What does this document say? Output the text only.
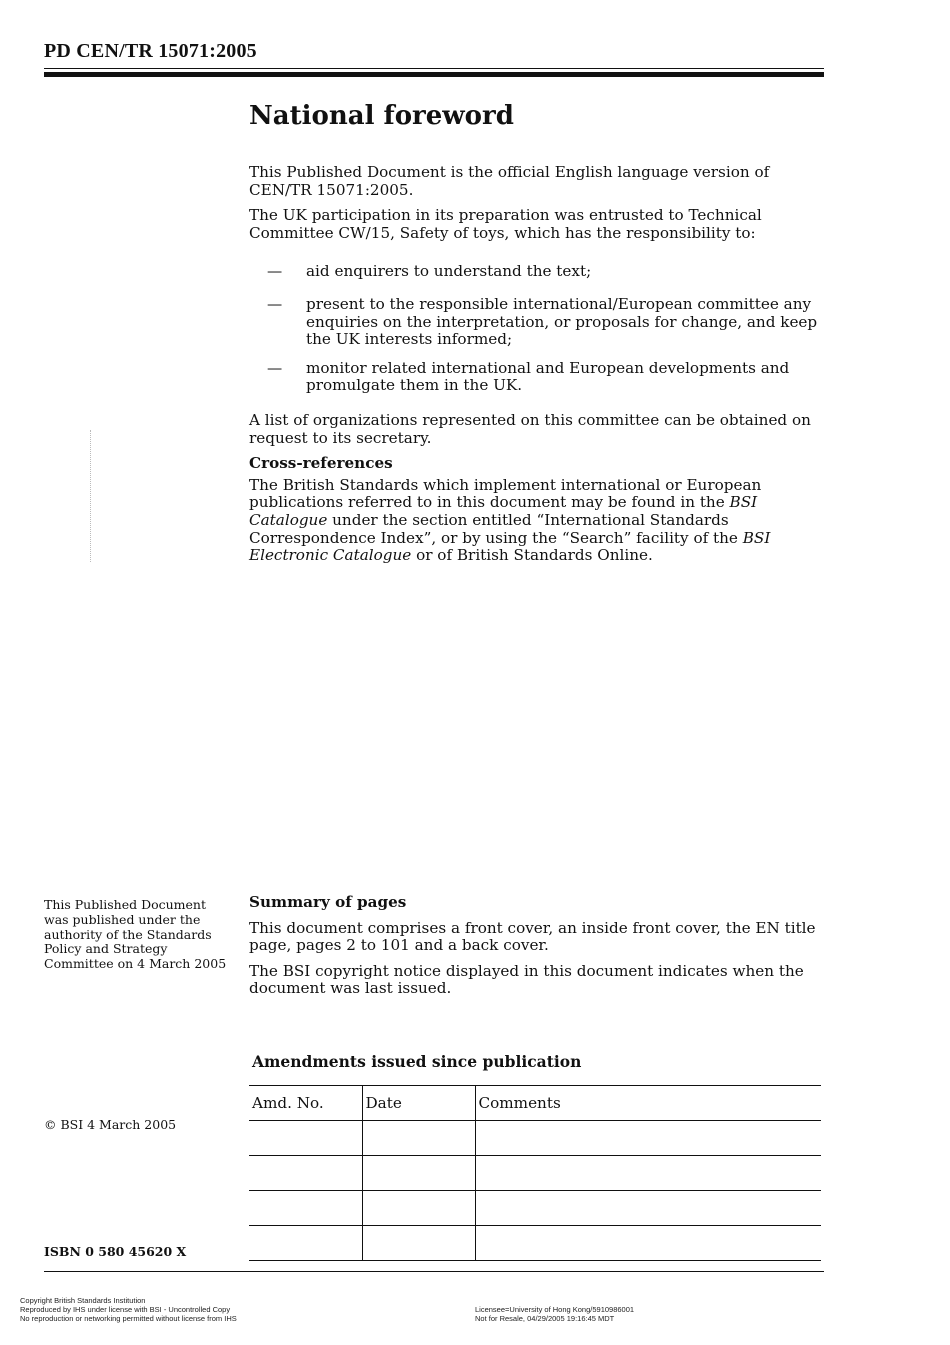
PD CEN/TR 15071:2005
National foreword

This Published Document is the official English language version of CEN/TR 15071:2005.

The UK participation in its preparation was entrusted to Technical Committee CW/15, Safety of toys, which has the responsibility to:

— aid enquirers to understand the text;
— present to the responsible international/European committee any enquiries on the interpretation, or proposals for change, and keep the UK interests informed;
— monitor related international and European developments and promulgate them in the UK.

A list of organizations represented on this committee can be obtained on request to its secretary.

Cross-references

The British Standards which implement international or European publications referred to in this document may be found in the BSI Catalogue under the section entitled “International Standards Correspondence Index”, or by using the “Search” facility of the BSI Electronic Catalogue or of British Standards Online.

This Published Document was published under the authority of the Standards Policy and Strategy Committee on 4 March 2005

Summary of pages

This document comprises a front cover, an inside front cover, the EN title page, pages 2 to 101 and a back cover.

The BSI copyright notice displayed in this document indicates when the document was last issued.

Amendments issued since publication
Amd. No.	Date	Comments

© BSI 4 March 2005
ISBN 0 580 45620 X
Copyright British Standards Institution
Reproduced by IHS under license with BSI - Uncontrolled Copy
No reproduction or networking permitted without license from IHS
Licensee=University of Hong Kong/5910986001
Not for Resale, 04/29/2005 19:16:45 MDT
